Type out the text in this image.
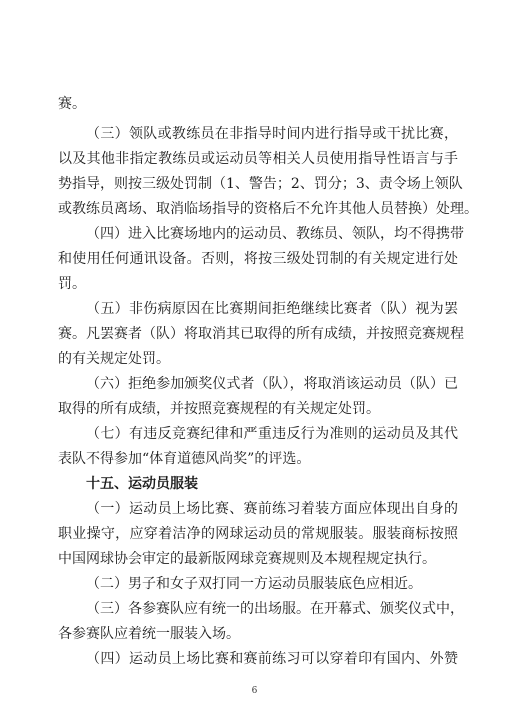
赛。
（三）领队或教练员在非指导时间内进行指导或干扰比赛，
以及其他非指定教练员或运动员等相关人员使用指导性语言与手
势指导，则按三级处罚制（1、警告；2、罚分；3、责令场上领队
或教练员离场、取消临场指导的资格后不允许其他人员替换）处理。
（四）进入比赛场地内的运动员、教练员、领队，均不得携带
和使用任何通讯设备。否则，将按三级处罚制的有关规定进行处
罚。
（五）非伤病原因在比赛期间拒绝继续比赛者（队）视为罢
赛。凡罢赛者（队）将取消其已取得的所有成绩，并按照竞赛规程
的有关规定处罚。
（六）拒绝参加颁奖仪式者（队），将取消该运动员（队）已
取得的所有成绩，并按照竞赛规程的有关规定处罚。
（七）有违反竞赛纪律和严重违反行为准则的运动员及其代
表队不得参加“体育道德风尚奖”的评选。
十五、运动员服装
（一）运动员上场比赛、赛前练习着装方面应体现出自身的
职业操守，应穿着洁净的网球运动员的常规服装。服装商标按照
中国网球协会审定的最新版网球竞赛规则及本规程规定执行。
（二）男子和女子双打同一方运动员服装底色应相近。
（三）各参赛队应有统一的出场服。在开幕式、颁奖仪式中，
各参赛队应着统一服装入场。
（四）运动员上场比赛和赛前练习可以穿着印有国内、外赞
6
